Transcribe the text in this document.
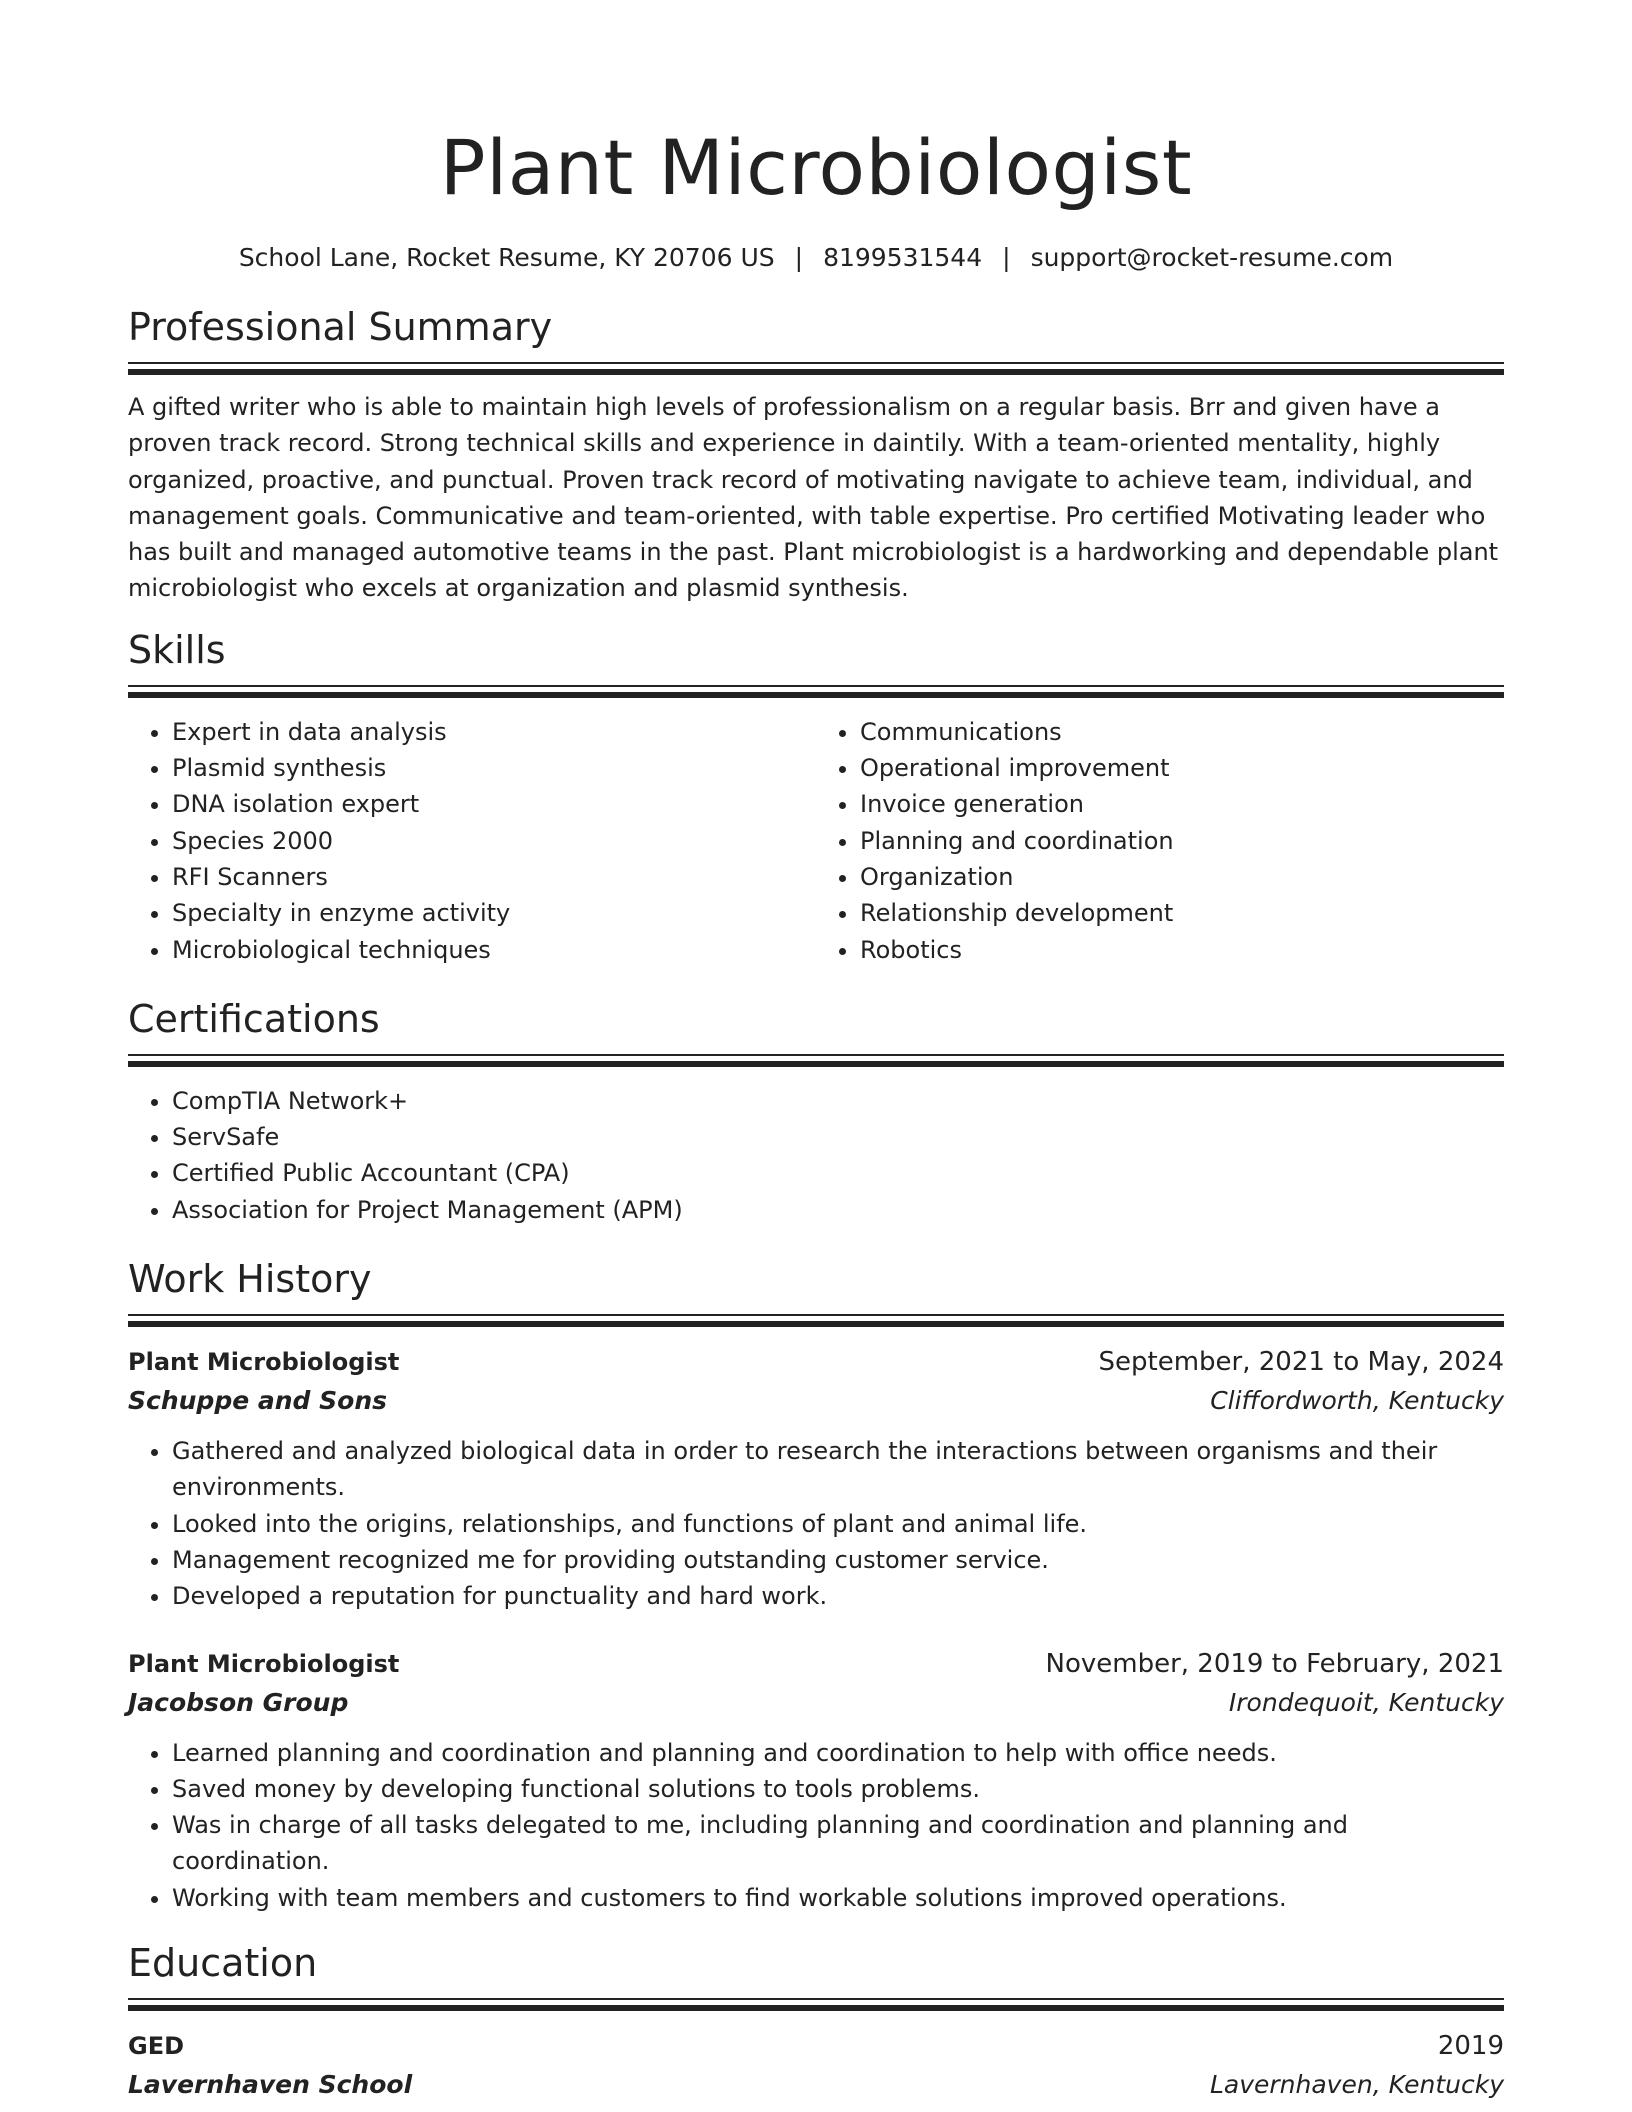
Plant Microbiologist
School Lane, Rocket Resume, KY 20706 US | 8199531544 | support@rocket-resume.com
Professional Summary

A gifted writer who is able to maintain high levels of professionalism on a regular basis. Brr and given have a proven track record. Strong technical skills and experience in daintily. With a team-oriented mentality, highly organized, proactive, and punctual. Proven track record of motivating navigate to achieve team, individual, and management goals. Communicative and team-oriented, with table expertise. Pro certified Motivating leader who has built and managed automotive teams in the past. Plant microbiologist is a hardworking and dependable plant microbiologist who excels at organization and plasmid synthesis.

Skills
• Expert in data analysis
• Plasmid synthesis
• DNA isolation expert
• Species 2000
• RFI Scanners
• Specialty in enzyme activity
• Microbiological techniques
• Communications
• Operational improvement
• Invoice generation
• Planning and coordination
• Organization
• Relationship development
• Robotics
Certifications
• CompTIA Network+
• ServSafe
• Certified Public Accountant (CPA)
• Association for Project Management (APM)
Work History
Plant Microbiologist	September, 2021 to May, 2024
Schuppe and Sons	Cliffordworth, Kentucky
• Gathered and analyzed biological data in order to research the interactions between organisms and their environments.
• Looked into the origins, relationships, and functions of plant and animal life.
• Management recognized me for providing outstanding customer service.
• Developed a reputation for punctuality and hard work.
Plant Microbiologist	November, 2019 to February, 2021
Jacobson Group	Irondequoit, Kentucky
• Learned planning and coordination and planning and coordination to help with office needs.
• Saved money by developing functional solutions to tools problems.
• Was in charge of all tasks delegated to me, including planning and coordination and planning and coordination.
• Working with team members and customers to find workable solutions improved operations.
Education
GED	2019
Lavernhaven School	Lavernhaven, Kentucky
